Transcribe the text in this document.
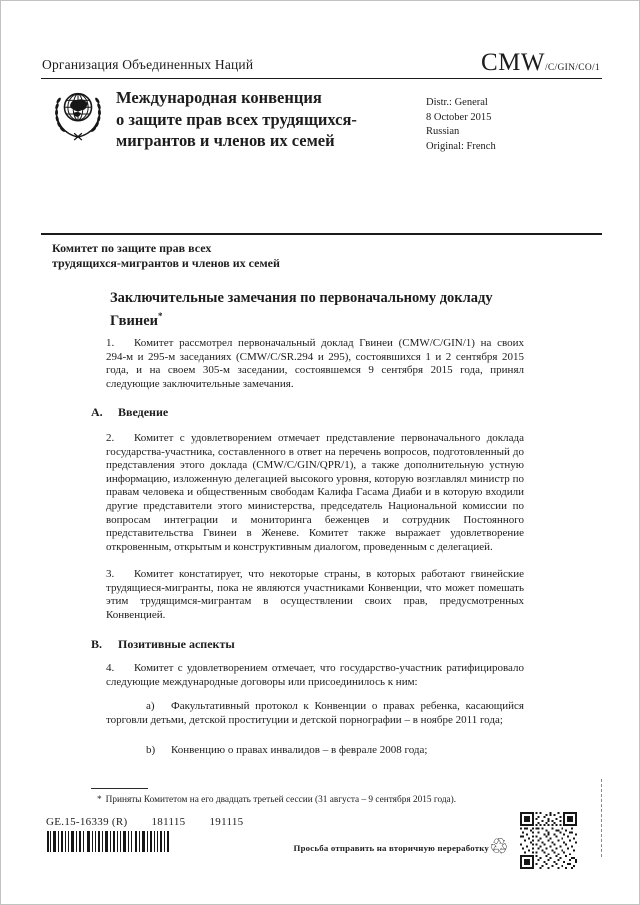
Организация Объединенных Наций	CMW/C/GIN/CO/1
Международная конвенция
о защите прав всех трудящихся-
мигрантов и членов их семей
Distr.: General
8 October 2015
Russian
Original: French
Комитет по защите прав всех
трудящихся-мигрантов и членов их семей
Заключительные замечания по первоначальному докладу
Гвинеи*

1. Комитет рассмотрел первоначальный доклад Гвинеи (CMW/C/GIN/1) на своих 294-м и 295-м заседаниях (CMW/C/SR.294 и 295), состоявшихся 1 и 2 сентября 2015 года, и на своем 305-м заседании, состоявшемся 9 сентября 2015 года, принял следующие заключительные замечания.

A. Введение

2. Комитет с удовлетворением отмечает представление первоначального доклада государства-участника, составленного в ответ на перечень вопросов, подготовленный до представления этого доклада (CMW/C/GIN/QPR/1), а также дополнительную устную информацию, изложенную делегацией высокого уровня, которую возглавлял министр по правам человека и общественным свободам Калифа Гасама Диаби и в которую входили другие представители этого министерства, председатель Национальной комиссии по вопросам интеграции и мониторинга беженцев и сотрудник Постоянного представительства Гвинеи в Женеве. Комитет также выражает удовлетворение откровенным, открытым и конструктивным диалогом, проведенным с делегацией.

3. Комитет констатирует, что некоторые страны, в которых работают гвинейские трудящиеся-мигранты, пока не являются участниками Конвенции, что может помешать этим трудящимся-мигрантам в осуществлении своих прав, предусмотренных Конвенцией.

B. Позитивные аспекты

4. Комитет с удовлетворением отмечает, что государство-участник ратифицировало следующие международные договоры или присоединилось к ним:

a) Факультативный протокол к Конвенции о правах ребенка, касающийся торговли детьми, детской проституции и детской порнографии – в ноябре 2011 года;

b) Конвенцию о правах инвалидов – в феврале 2008 года;

* Приняты Комитетом на его двадцать третьей сессии (31 августа – 9 сентября 2015 года).

GE.15-16339 (R) 181115 191115
Просьба отправить на вторичную переработку ♲
